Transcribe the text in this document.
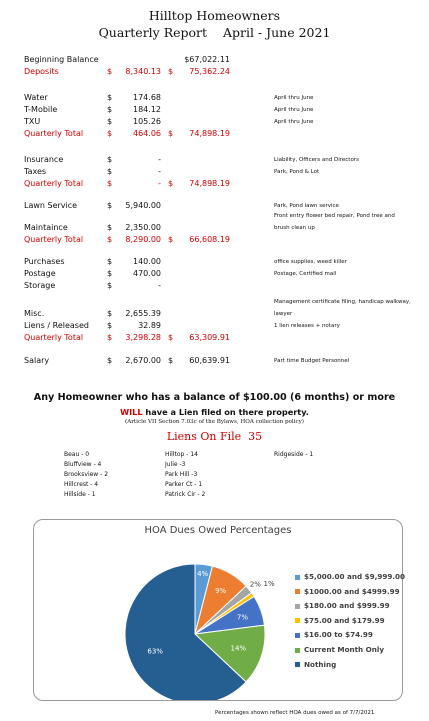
Hilltop Homeowners
Quarterly Report    April - June 2021
Beginning Balance	$67,022.11
Deposits	$	8,340.13 $	75,362.24
Water	$	174.68	April thru June
T-Mobile	$	184.12	April thru June
TXU	$	105.26	April thru June
Quarterly Total	$	464.06 $	74,898.19
Insurance	$	-	Liability, Officers and Directors
Taxes	$	-	Park, Pond & Lot
Quarterly Total	$	- $	74,898.19
Lawn Service	$	5,940.00	Park, Pond lawn service
Front entry flower bed repair, Pond tree and
Maintaince	$	2,350.00	brush clean up
Quarterly Total	$	8,290.00 $	66,608.19
Purchases	$	140.00	office supplies, weed killer
Postage	$	470.00	Postage, Certified mail
Storage	$	-
Management certificate filing, handicap walkway,
Misc.	$	2,655.39	lawyer
Liens / Released $	32.89	1 lien releases + notary
Quarterly Total	$	3,298.28 $	63,309.91
Salary	$	2,670.00 $	60,639.91	Part time Budget Personnel
Any Homeowner who has a balance of $100.00 (6 months) or more
WILL have a Lien filed on there property.
(Article VII Section 7.03c of the Bylaws, HOA collection policy)
Liens On File 35
Beau - 0
Bluffview - 4
Brooksview - 2
Hillcrest - 4
Hillside - 1
Hilltop - 14
Julie -3
Park Hill -3
Parker Ct - 1
Patrick Cir - 2
Ridgeside - 1
HOA Dues Owed Percentages
4%
9%
2% 1%
7%
14%
63%
$5,000.00 and $9,999.00
$1000.00 and $4999.99
$180.00 and $999.99
$75.00 and $179.99
$16.00 to $74.99
Current Month Only
Nothing
Percentages shown reflect HOA dues owed as of 7/7/2021
